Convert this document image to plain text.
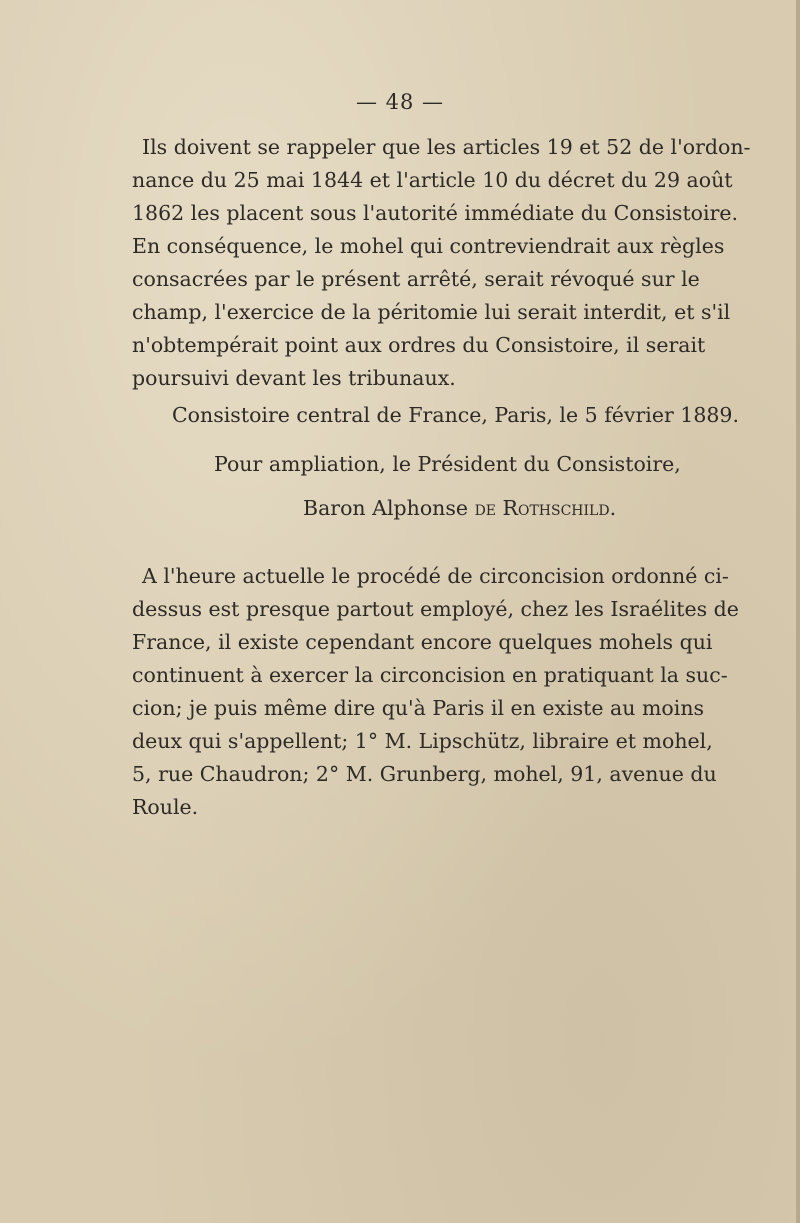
— 48 —

Ils doivent se rappeler que les articles 19 et 52 de l'ordon-
nance du 25 mai 1844 et l'article 10 du décret du 29 août
1862 les placent sous l'autorité immédiate du Consistoire.
En conséquence, le mohel qui contreviendrait aux règles
consacrées par le présent arrêté, serait révoqué sur le
champ, l'exercice de la péritomie lui serait interdit, et s'il
n'obtempérait point aux ordres du Consistoire, il serait
poursuivi devant les tribunaux.

Consistoire central de France, Paris, le 5 février 1889.
Pour ampliation, le Président du Consistoire,
Baron Alphonse de Rothschild.

A l'heure actuelle le procédé de circoncision ordonné ci-
dessus est presque partout employé, chez les Israélites de
France, il existe cependant encore quelques mohels qui
continuent à exercer la circoncision en pratiquant la suc-
cion; je puis même dire qu'à Paris il en existe au moins
deux qui s'appellent; 1° M. Lipschütz, libraire et mohel,
5, rue Chaudron; 2° M. Grunberg, mohel, 91, avenue du
Roule.
